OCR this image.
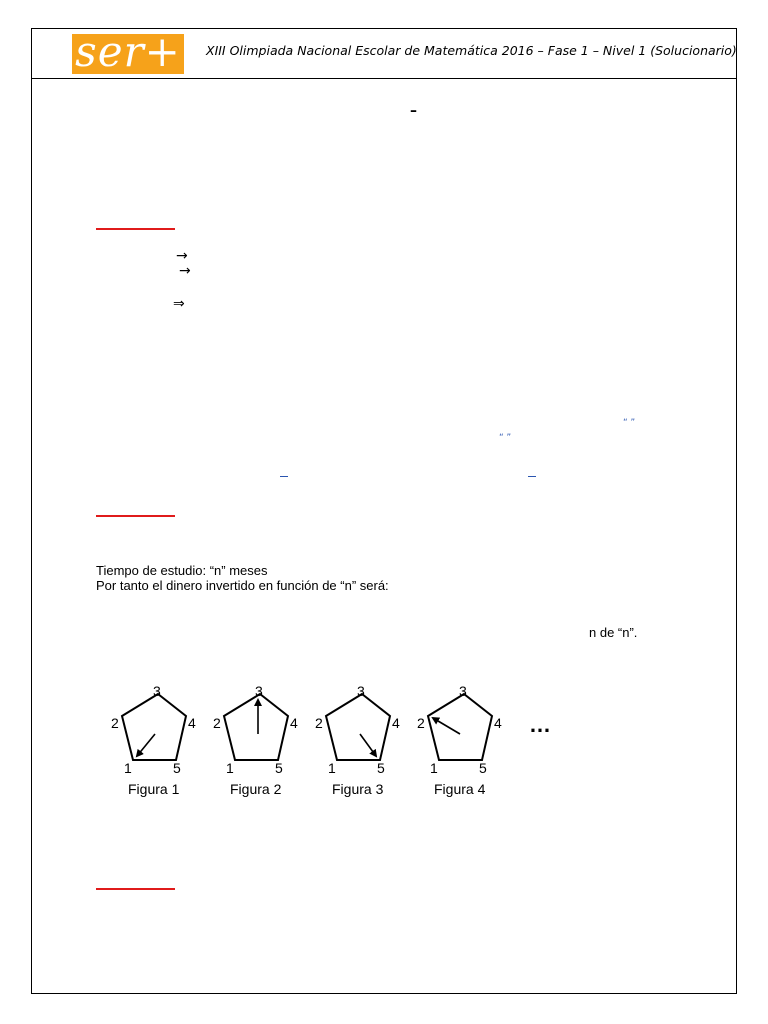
ser+ XIII Olimpiada Nacional Escolar de Matemática 2016 – Fase 1 – Nivel 1 (Solucionario)
–
→
→
⇒
“ ”
“ ”
Tiempo de estudio: “n” meses
Por tanto el dinero invertido en función de “n” será:
n de “n”.
3
2	4
1	5
Figura 1
3
2	4
1	5
Figura 2
3
2	4
1	5
Figura 3
3
2	4
1	5
Figura 4
…
